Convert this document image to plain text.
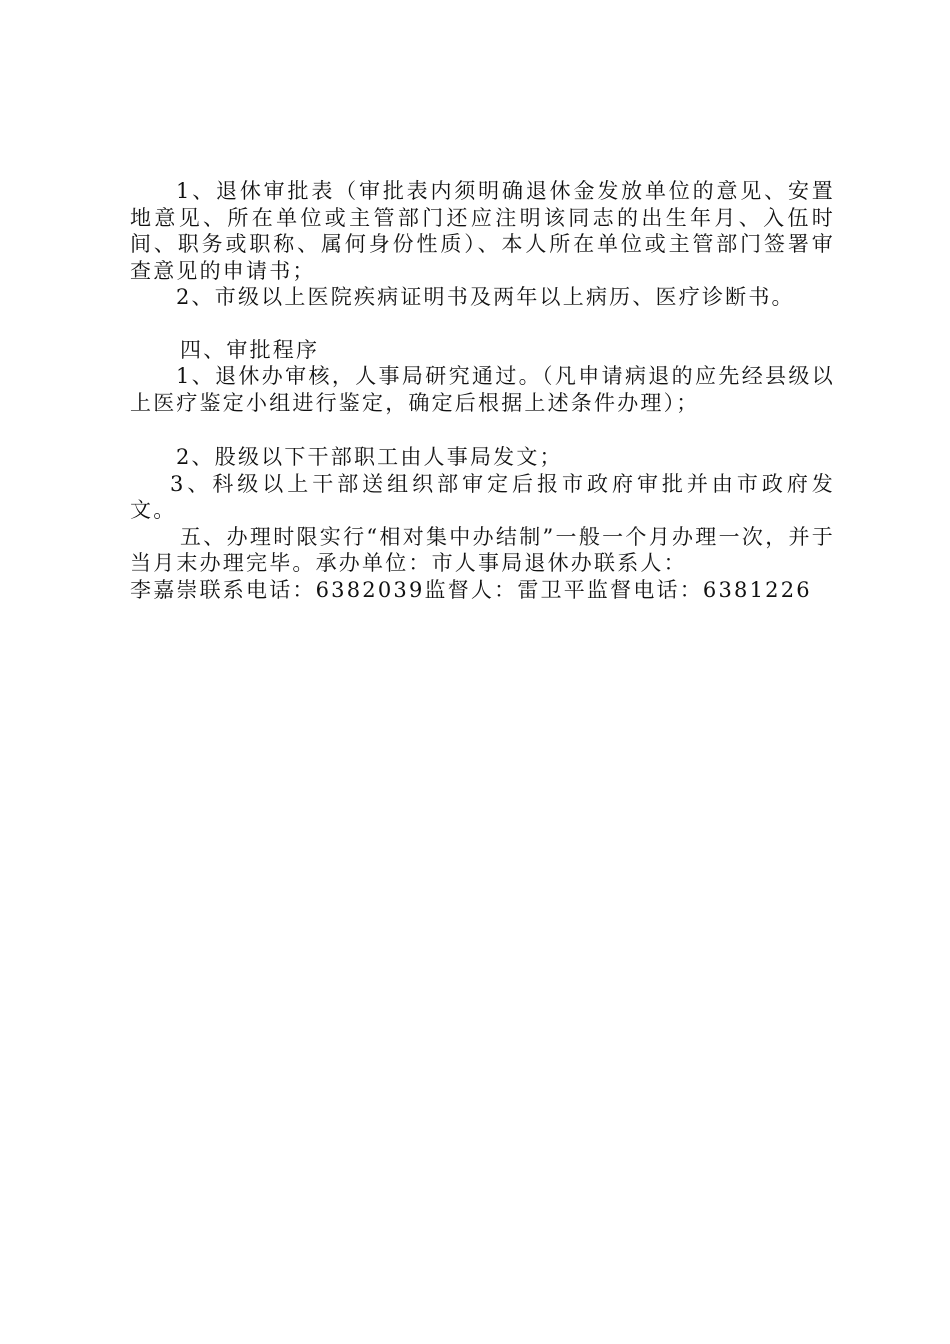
1、退休审批表（审批表内须明确退休金发放单位的意见、安置地意见、所在单位或主管部门还应注明该同志的出生年月、入伍时间、职务或职称、属何身份性质）、本人所在单位或主管部门签署审查意见的申请书；

2、市级以上医院疾病证明书及两年以上病历、医疗诊断书。

四、审批程序

1、退休办审核，人事局研究通过。（凡申请病退的应先经县级以上医疗鉴定小组进行鉴定，确定后根据上述条件办理）；

2、股级以下干部职工由人事局发文；

3、科级以上干部送组织部审定后报市政府审批并由市政府发文。

五、办理时限实行“相对集中办结制”一般一个月办理一次，并于当月末办理完毕。承办单位：市人事局退休办联系人：

李嘉崇联系电话：6382039监督人：雷卫平监督电话：6381226
